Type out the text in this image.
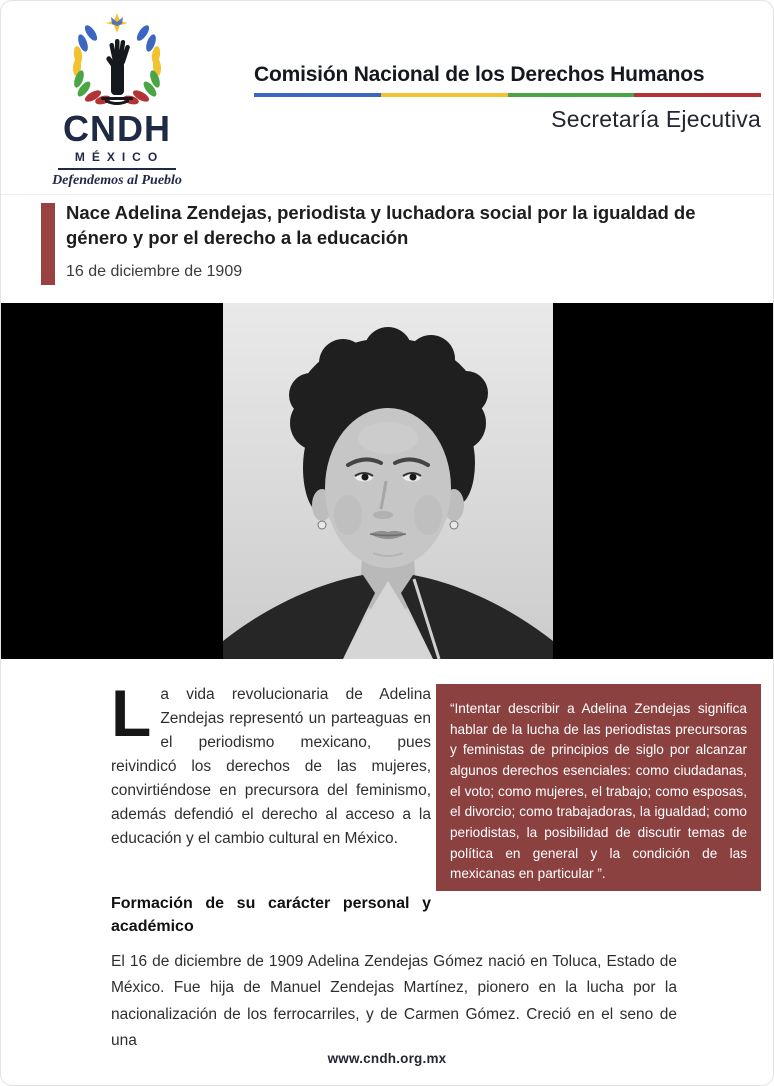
CNDH
MÉXICO
Defendemos al Pueblo
Comisión Nacional de los Derechos Humanos
Secretaría Ejecutiva
Nace Adelina Zendejas, periodista y luchadora social por la igualdad de género y por el derecho a la educación
16 de diciembre de 1909

La vida revolucionaria de Adelina Zendejas representó un parteaguas en el periodismo mexicano, pues reivindicó los derechos de las mujeres, convirtiéndose en precursora del feminismo, además defendió el derecho al acceso a la educación y el cambio cultural en México.

“Intentar describir a Adelina Zendejas significa hablar de la lucha de las periodistas precursoras y feministas de principios de siglo por alcanzar algunos derechos esenciales: como ciudadanas, el voto; como mujeres, el trabajo; como esposas, el divorcio; como trabajadoras, la igualdad; como periodistas, la posibilidad de discutir temas de política en general y la condición de las mexicanas en particular ”.
Josefina Hernández Téllez
“El género y la escritura femenina”
Formación de su carácter personal y académico

El 16 de diciembre de 1909 Adelina Zendejas Gómez nació en Toluca, Estado de México. Fue hija de Manuel Zendejas Martínez, pionero en la lucha por la nacionalización de los ferrocarriles, y de Carmen Gómez. Creció en el seno de una

www.cndh.org.mx
